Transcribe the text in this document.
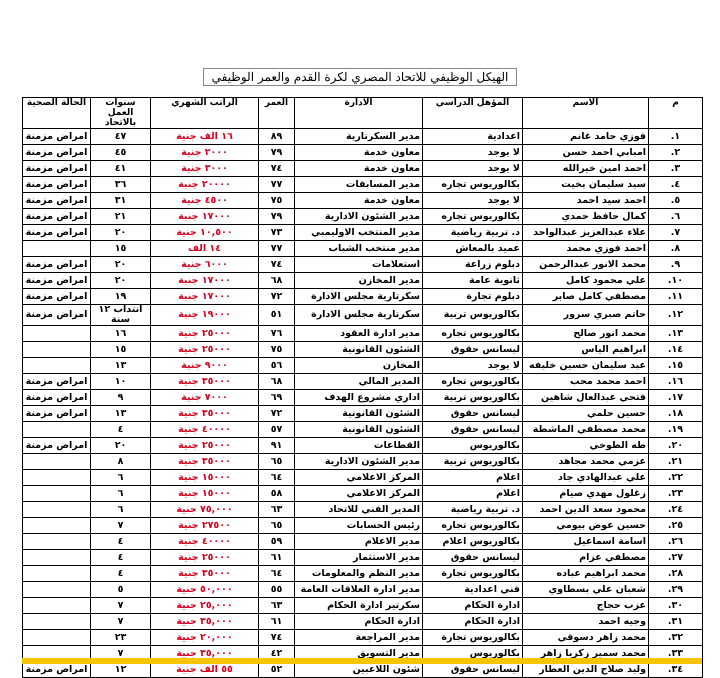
الهيكل الوظيفي للاتحاد المصري لكرة القدم والعمر الوظيفي
م	الاسم	المؤهل الدراسي	الادارة	العمر	الراتب الشهري	سنوات العمل بالاتحاد	الحالة الصحية
.١	فوزي حامد غانم	اعدادية	مدير السكرتارية	٨٩	١٦ الف جنية	٤٧	امراض مزمنة
.٢	امبابي احمد حسن	لا يوجد	معاون خدمة	٧٩	٢٠٠٠ جنية	٤٥	امراض مزمنة
.٣	احمد امين خيرالله	لا يوجد	معاون خدمة	٧٤	٣٠٠٠ جنية	٤١	امراض مزمنة
.٤	سيد سليمان بخيت	بكالوريوس تجاره	مدير المسابقات	٧٧	٢٠٠٠٠ جنية	٣٦	امراض مزمنة
.٥	احمد سيد احمد	لا يوجد	معاون خدمة	٧٥	٤٥٠٠ جنية	٣١	امراض مزمنة
.٦	كمال حافظ حمدي	بكالوريوس تجاره	مدير الشئون الادارية	٧٩	١٧٠٠٠ جنية	٢١	امراض مزمنة
.٧	علاء عبدالعزيز عبدالواحد	د. تربية رياضية	مدير المنتخب الاوليمبي	٧٣	١٠,٥٠٠ جنية	٢٠	امراض مزمنة
.٨	احمد فوزي محمد	عميد بالمعاش	مدير منتخب الشباب	٧٧	١٤ الف	١٥	
.٩	محمد الانور عبدالرحمن	دبلوم زراعة	استعلامات	٧٤	٦٠٠٠ جنية	٢٠	امراض مزمنة
.١٠	علي محمود كامل	ثانوية عامة	مدير المخازن	٦٨	١٧٠٠٠ جنية	٢٠	امراض مزمنة
.١١	مصطفي كامل صابر	دبلوم تجارة	سكرتارية مجلس الادارة	٧٢	١٧٠٠٠ جنية	١٩	امراض مزمنة
.١٢	حاتم صبري سرور	بكالوريوس تربية	سكرتارية مجلس الادارة	٥١	١٩٠٠٠ جنية	انتداب ١٢ سنة	امراض مزمنة
.١٣	محمد انور صالح	بكالوريوس تجاره	مدير ادارة العقود	٧٦	٢٥٠٠٠ جنية	١٦	
.١٤	ابراهيم الياس	ليسانس حقوق	الشئون القانونية	٧٥	٢٥٠٠٠ جنية	١٥	
.١٥	عبد سليمان حسين خليفه	لا يوجد	المخازن	٥٦	٩٠٠٠ جنية	١٣	
.١٦	احمد محمد محب	بكالوريوس تجاره	المدير المالي	٦٨	٣٥٠٠٠ جنية	١٠	امراض مزمنة
.١٧	فتحي عبدالعال شاهين	بكالوريوس تربية	اداري مشروع الهدف	٦٩	٧٠٠٠ جنية	٩	امراض مزمنة
.١٨	حسين حلمي	ليسانس حقوق	الشئون القانونية	٧٢	٣٥٠٠٠ جنية	١٣	امراض مزمنة
.١٩	محمد مصطفي الماشطة	ليسانس حقوق	الشئون القانونية	٥٧	٤٠٠٠٠ جنية	٤	
.٢٠	طه الطوخي	بكالوريوس	القطاعات	٩١	٢٥٠٠٠ جنية	٢٠	امراض مزمنة
.٢١	عزمي محمد مجاهد	بكالوريوس تربية	مدير الشئون الادارية	٦٥	٣٥٠٠٠ جنية	٨	
.٢٢	علي عبدالهادي جاد	اعلام	المركز الاعلامي	٦٤	١٥٠٠٠ جنية	٦	
.٢٣	زغلول مهدي صيام	اعلام	المركز الاعلامي	٥٨	١٥٠٠٠ جنية	٦	
.٢٤	محمود سعد الدين احمد	د. تربية رياضية	المدير الفني للاتحاد	٦٣	٧٥,٠٠٠ جنية	٦	
.٢٥	حسين عوض بيومي	بكالوريوس تجاره	رئيس الحسابات	٦٥	٢٧٥٠٠ جنية	٧	
.٢٦	اسامة اسماعيل	بكالوريوس اعلام	مدير الاعلام	٥٩	٤٠٠٠٠ جنية	٤	
.٢٧	مصطفي عزام	ليسانس حقوق	مدير الاستثمار	٦١	٢٥٠٠٠ جنية	٤	
.٢٨	محمد ابراهيم عباده	بكالوريوس تجارة	مدير النظم والمعلومات	٦٤	٣٥٠٠٠ جنية	٤	
.٢٩	شعبان علي بسطاوي	فني اعدادية	مدير ادارة العلاقات العامة	٥٥	٥٠,٠٠٠ جنية	٥	
.٣٠	عزب حجاج	ادارة الحكام	سكرتير ادارة الحكام	٦٣	٢٥,٠٠٠ جنية	٧	
.٣١	وجيه احمد	ادارة الحكام	ادارة الحكام	٦١	٣٥,٠٠٠ جنية	٧	
.٣٢	محمد زاهر دسوقي	بكالوريوس تجارة	مدير المراجعة	٧٤	٢٠,٠٠٠ جنية	٢٣	
.٣٣	محمد سمير زكريا زاهر	بكالوريوس	مدير التسويق	٤٢	٣٥,٠٠٠ جنية	٧	
.٣٤	وليد صلاح الدين العطار	ليسانس حقوق	شئون اللاعبين	٥٢	٥٥ الف جنية	١٢	امراض مزمنة
